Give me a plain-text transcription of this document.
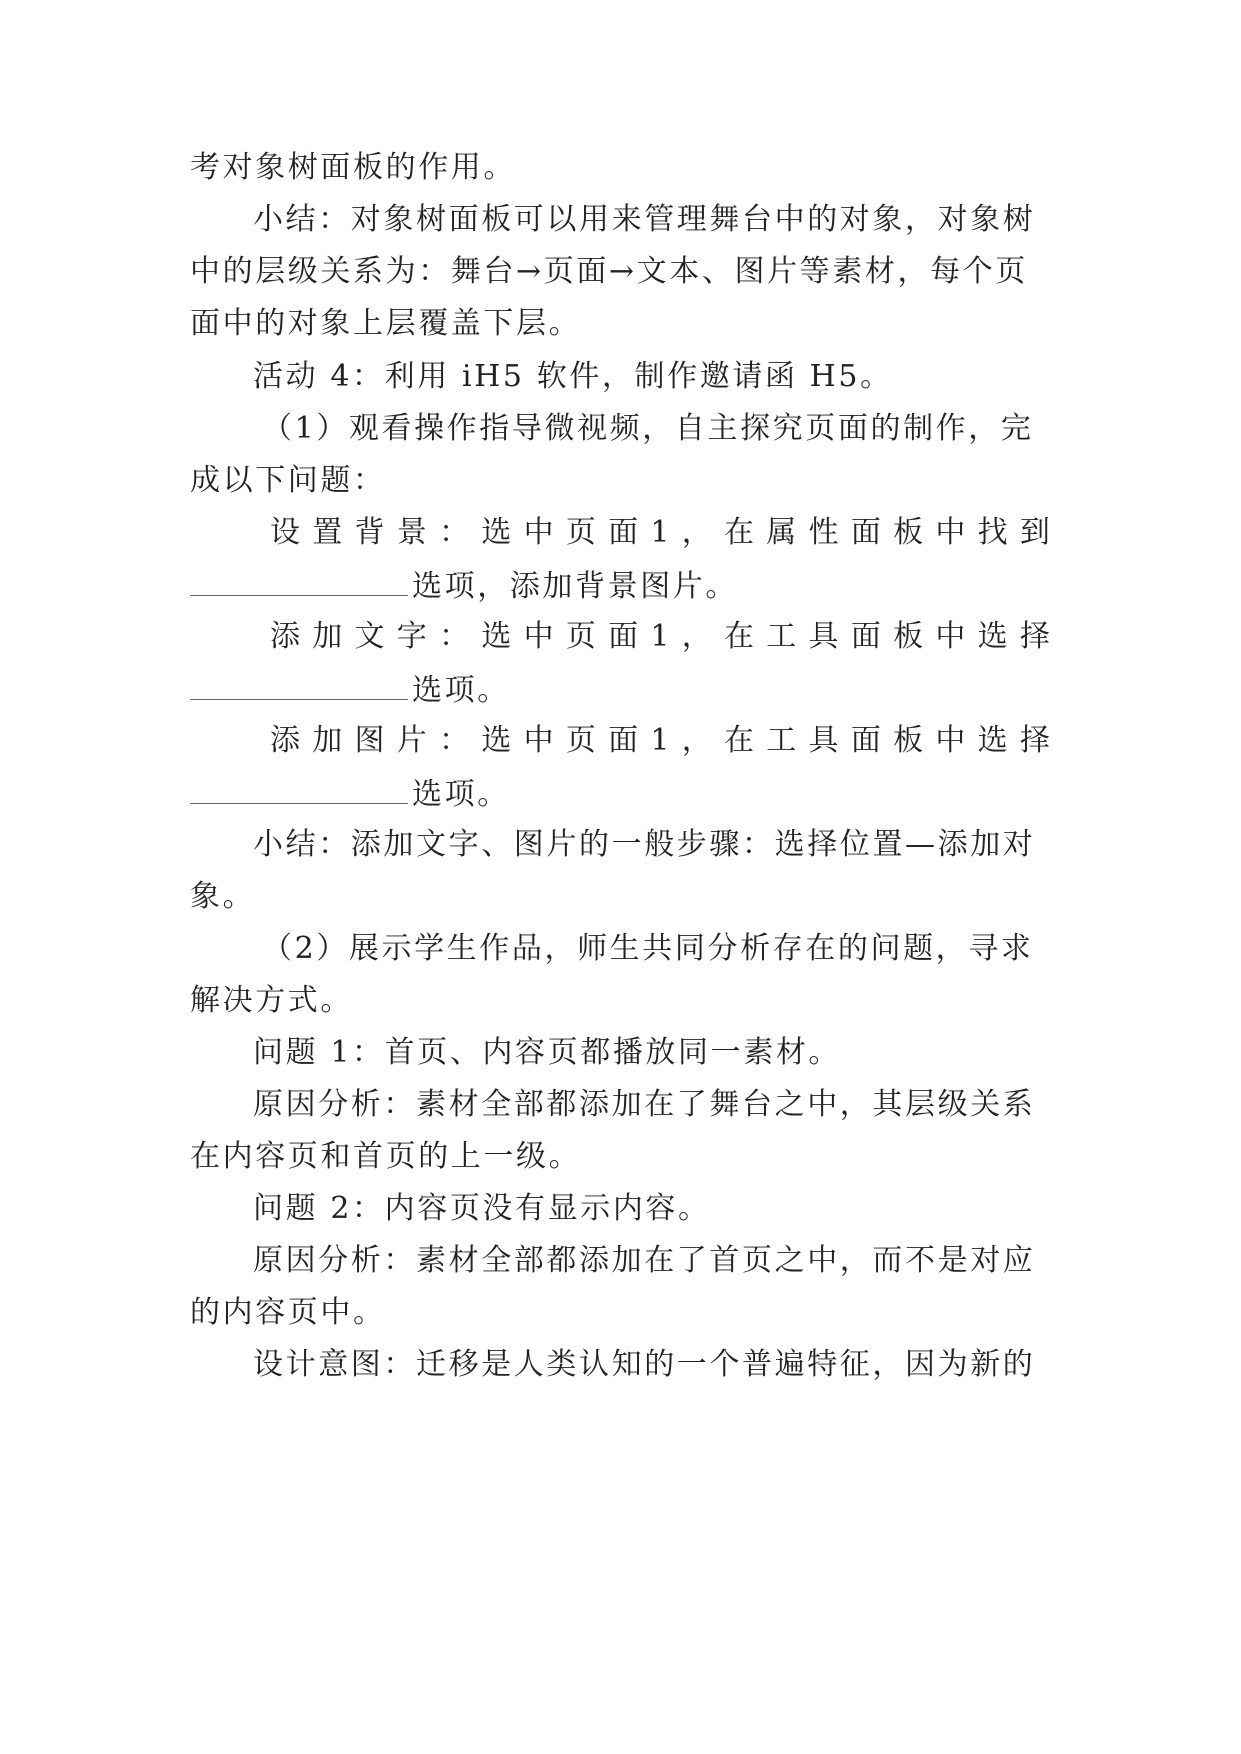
考对象树面板的作用。
小结：对象树面板可以用来管理舞台中的对象，对象树
中的层级关系为：舞台→页面→文本、图片等素材，每个页
面中的对象上层覆盖下层。
活动 4：利用 iH5 软件，制作邀请函 H5。
（1）观看操作指导微视频，自主探究页面的制作，完
成以下问题：
设 置 背 景 ： 选 中 页 面 1 ， 在 属 性 面 板 中 找 到
选项，添加背景图片。
添 加 文 字 ： 选 中 页 面 1 ， 在 工 具 面 板 中 选 择
选项。
添 加 图 片 ： 选 中 页 面 1 ， 在 工 具 面 板 中 选 择
选项。
小结：添加文字、图片的一般步骤：选择位置—添加对
象。
（2）展示学生作品，师生共同分析存在的问题，寻求
解决方式。
问题 1：首页、内容页都播放同一素材。
原因分析：素材全部都添加在了舞台之中，其层级关系
在内容页和首页的上一级。
问题 2：内容页没有显示内容。
原因分析：素材全部都添加在了首页之中，而不是对应
的内容页中。
设计意图：迁移是人类认知的一个普遍特征，因为新的
